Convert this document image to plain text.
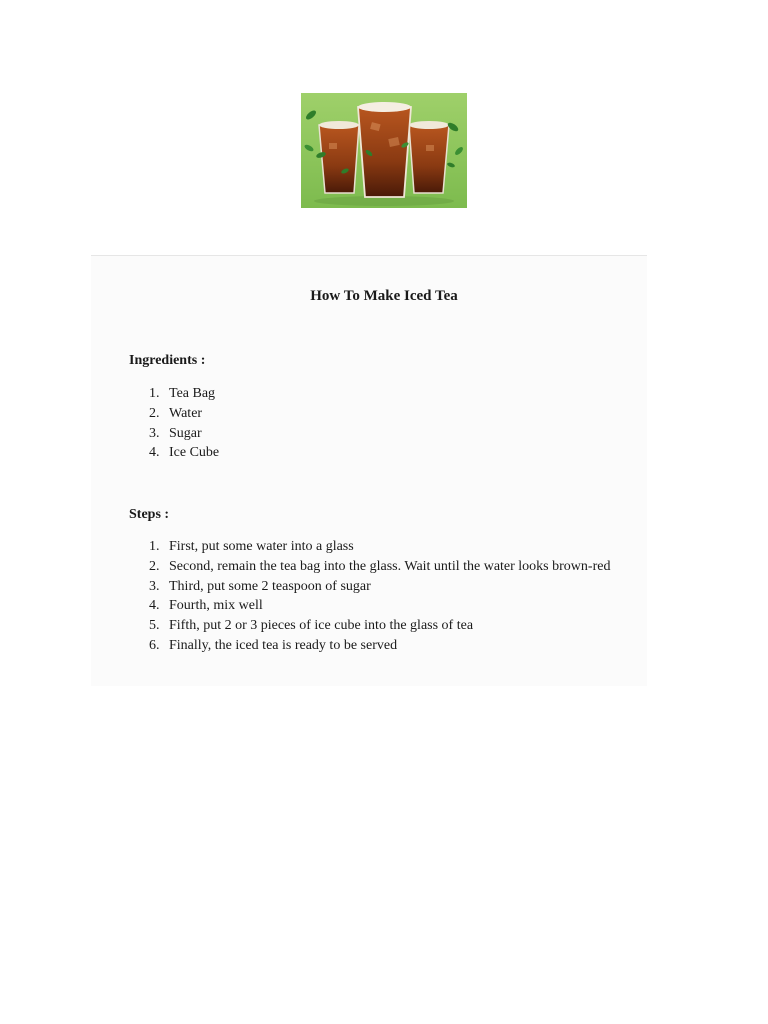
How To Make Iced Tea
Ingredients :
1. Tea Bag
2. Water
3. Sugar
4. Ice Cube
Steps :
1. First, put some water into a glass
2. Second, remain the tea bag into the glass. Wait until the water looks brown-red
3. Third, put some 2 teaspoon of sugar
4. Fourth, mix well
5. Fifth, put 2 or 3 pieces of ice cube into the glass of tea
6. Finally, the iced tea is ready to be served
